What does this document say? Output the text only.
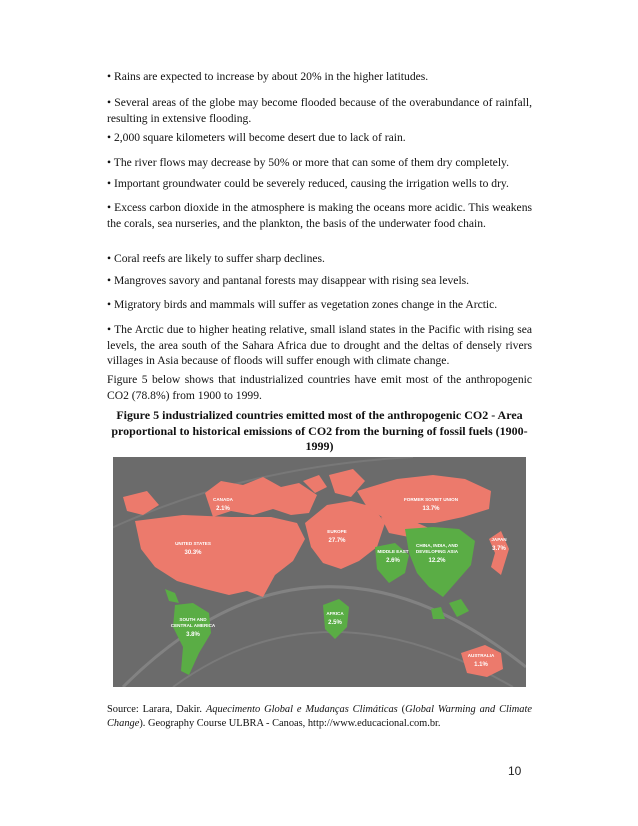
• Rains are expected to increase by about 20% in the higher latitudes.

• Several areas of the globe may become flooded because of the overabundance of rainfall, resulting in extensive flooding.

• 2,000 square kilometers will become desert due to lack of rain.

• The river flows may decrease by 50% or more that can some of them dry completely.

• Important groundwater could be severely reduced, causing the irrigation wells to dry.

• Excess carbon dioxide in the atmosphere is making the oceans more acidic. This weakens the corals, sea nurseries, and the plankton, the basis of the underwater food chain.

• Coral reefs are likely to suffer sharp declines.

• Mangroves savory and pantanal forests may disappear with rising sea levels.

• Migratory birds and mammals will suffer as vegetation zones change in the Arctic.

• The Arctic due to higher heating relative, small island states in the Pacific with rising sea levels, the area south of the Sahara Africa due to drought and the deltas of densely rivers villages in Asia because of floods will suffer enough with climate change.

Figure 5 below shows that industrialized countries have emit most of the anthropogenic CO2 (78.8%) from 1900 to 1999.

Figure 5 industrialized countries emitted most of the anthropogenic CO2 - Area proportional to historical emissions of CO2 from the burning of fossil fuels (1900-1999)

Source: Larara, Dakir. Aquecimento Global e Mudanças Climáticas (Global Warming and Climate Change). Geography Course ULBRA - Canoas, http://www.educacional.com.br.

CANADA
2.1%
UNITED STATES
30.3%
EUROPE
27.7%
FORMER SOVIET UNION
13.7%
JAPAN
3.7%
AUSTRALIA
1.1%
MIDDLE EAST
2.6%
CHINA, INDIA, AND
DEVELOPING ASIA
12.2%
AFRICA
2.5%
SOUTH AND
CENTRAL AMERICA
3.8%
10
